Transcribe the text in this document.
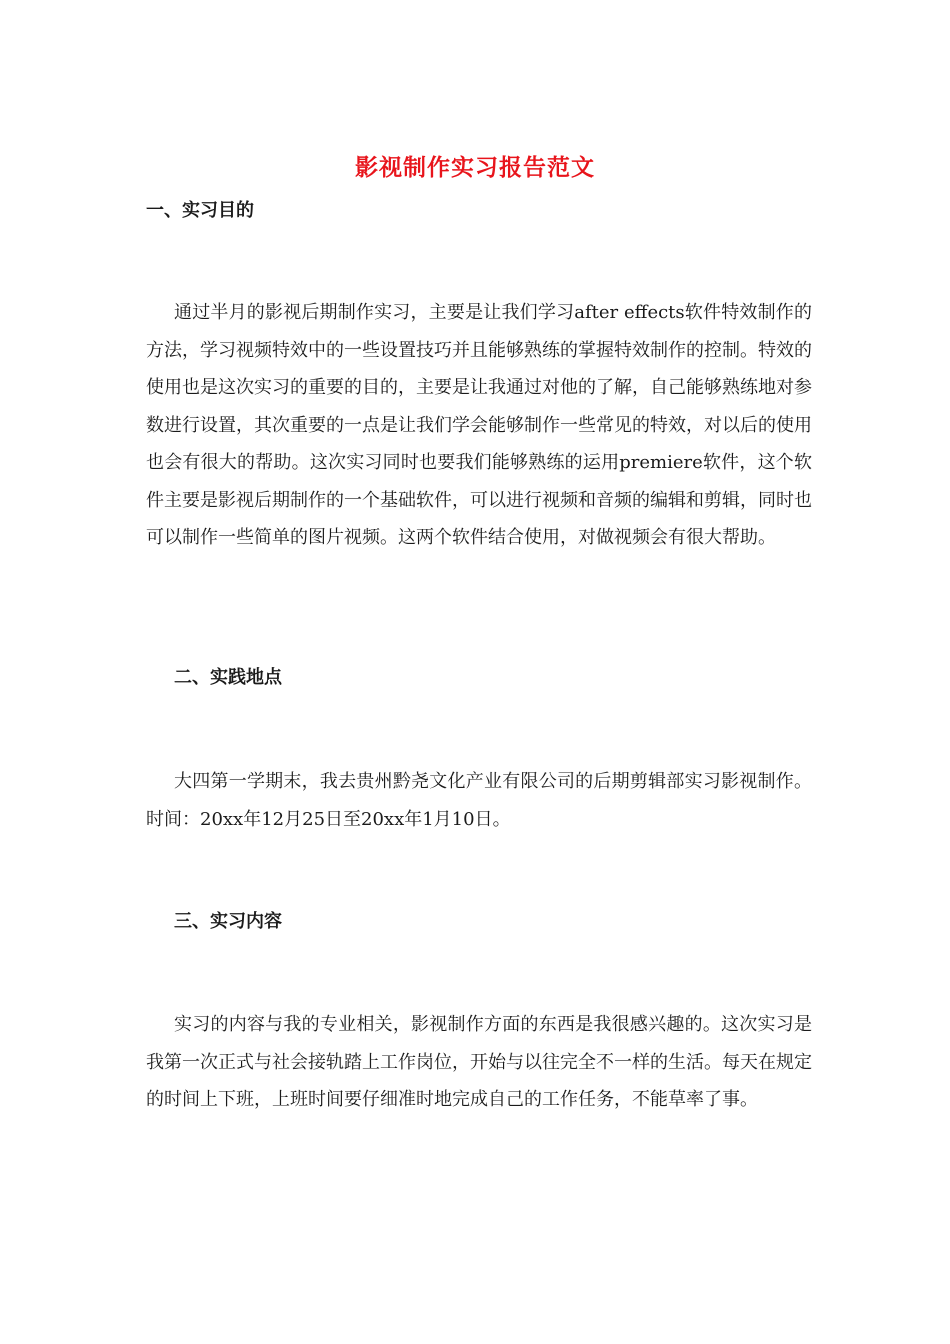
影视制作实习报告范文
一、实习目的

通过半月的影视后期制作实习，主要是让我们学习after effects软件特效制作的方法，学习视频特效中的一些设置技巧并且能够熟练的掌握特效制作的控制。特效的使用也是这次实习的重要的目的，主要是让我通过对他的了解，自己能够熟练地对参数进行设置，其次重要的一点是让我们学会能够制作一些常见的特效，对以后的使用也会有很大的帮助。这次实习同时也要我们能够熟练的运用premiere软件，这个软件主要是影视后期制作的一个基础软件，可以进行视频和音频的编辑和剪辑，同时也可以制作一些简单的图片视频。这两个软件结合使用，对做视频会有很大帮助。

二、实践地点

大四第一学期末，我去贵州黔尧文化产业有限公司的后期剪辑部实习影视制作。 时间：20xx年12月25日至20xx年1月10日。

三、实习内容

实习的内容与我的专业相关，影视制作方面的东西是我很感兴趣的。这次实习是我第一次正式与社会接轨踏上工作岗位，开始与以往完全不一样的生活。每天在规定的时间上下班，上班时间要仔细准时地完成自己的工作任务，不能草率了事。
